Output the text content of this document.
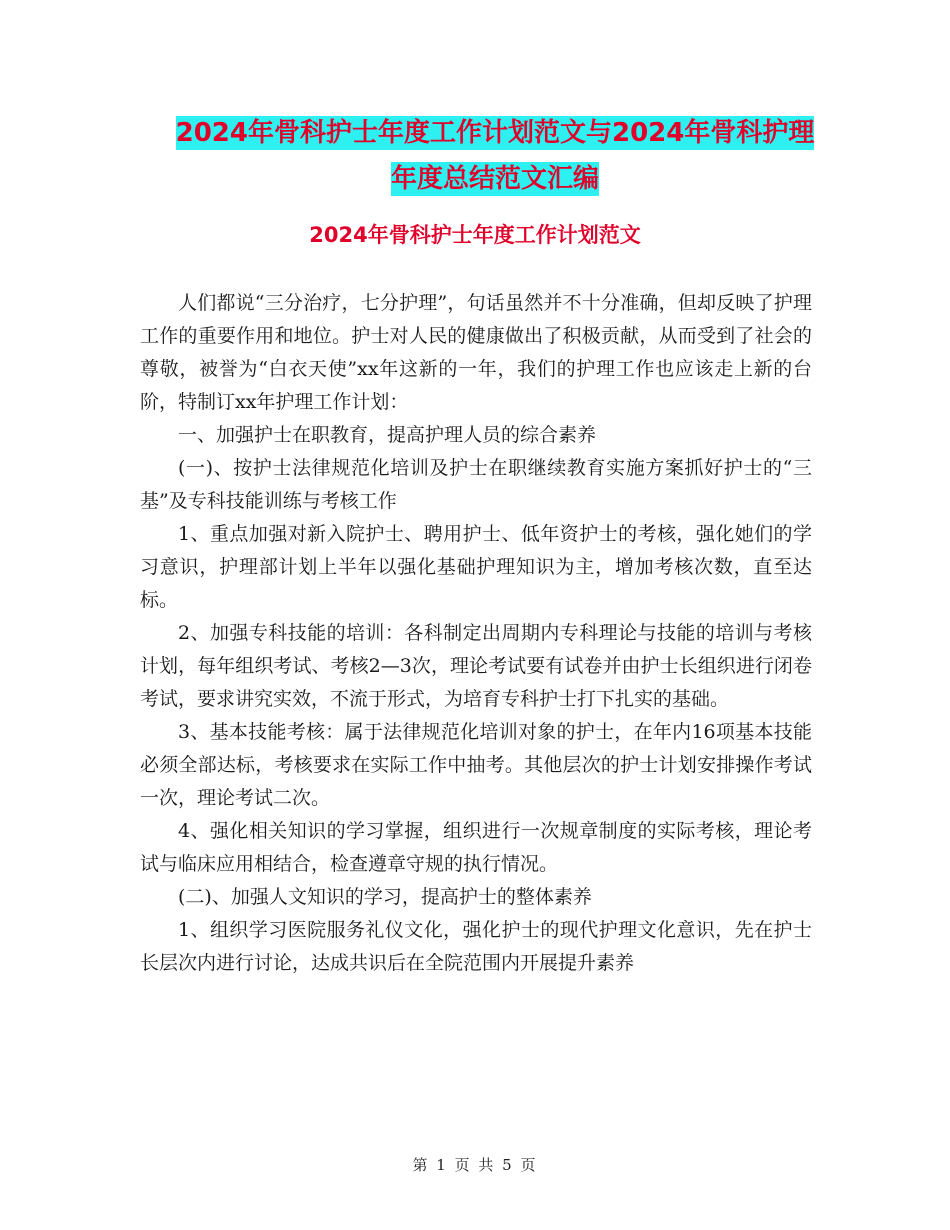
2024年骨科护士年度工作计划范文与2024年骨科护理
年度总结范文汇编
2024年骨科护士年度工作计划范文

人们都说“三分治疗，七分护理”，句话虽然并不十分准确，但却反映了护理工作的重要作用和地位。护士对人民的健康做出了积极贡献，从而受到了社会的尊敬，被誉为“白衣天使”xx年这新的一年，我们的护理工作也应该走上新的台阶，特制订xx年护理工作计划：

一、加强护士在职教育，提高护理人员的综合素养

(一)、按护士法律规范化培训及护士在职继续教育实施方案抓好护士的“三基”及专科技能训练与考核工作

1、重点加强对新入院护士、聘用护士、低年资护士的考核，强化她们的学习意识，护理部计划上半年以强化基础护理知识为主，增加考核次数，直至达标。

2、加强专科技能的培训：各科制定出周期内专科理论与技能的培训与考核计划，每年组织考试、考核2—3次，理论考试要有试卷并由护士长组织进行闭卷考试，要求讲究实效，不流于形式，为培育专科护士打下扎实的基础。

3、基本技能考核：属于法律规范化培训对象的护士，在年内16项基本技能必须全部达标，考核要求在实际工作中抽考。其他层次的护士计划安排操作考试一次，理论考试二次。

4、强化相关知识的学习掌握，组织进行一次规章制度的实际考核，理论考试与临床应用相结合，检查遵章守规的执行情况。

(二)、加强人文知识的学习，提高护士的整体素养

1、组织学习医院服务礼仪文化，强化护士的现代护理文化意识，先在护士长层次内进行讨论，达成共识后在全院范围内开展提升素养

第 1 页 共 5 页
